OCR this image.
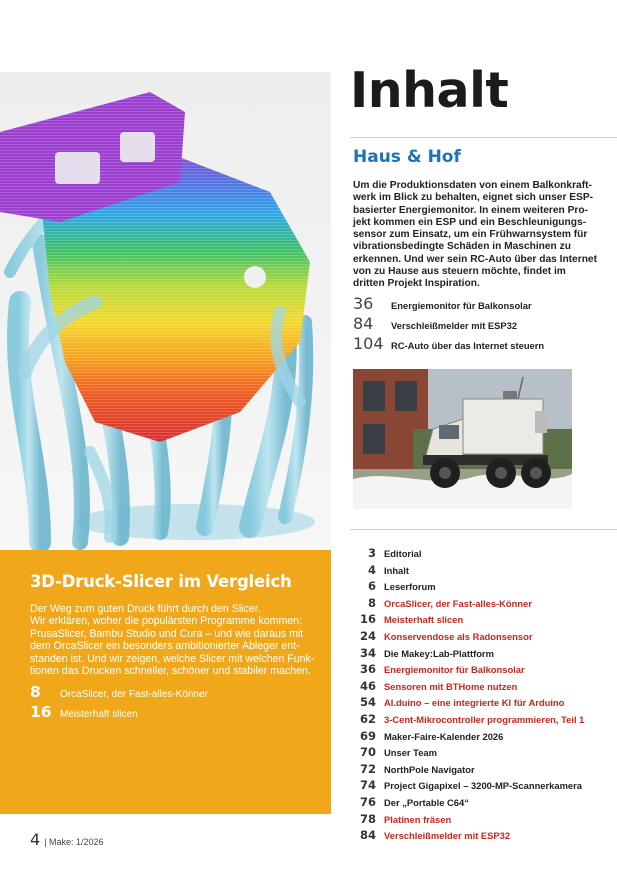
3D-Druck-Slicer im Vergleich

Der Weg zum guten Druck führt durch den Slicer.
Wir erklären, woher die populärsten Programme kommen:
PrusaSlicer, Bambu Studio und Cura – und wie daraus mit
dem OrcaSlicer ein besonders ambitionierter Ableger ent-
standen ist. Und wir zeigen, welche Slicer mit welchen Funk-
tionen das Drucken schneller, schöner und stabiler machen.

8	OrcaSlicer, der Fast-alles-Könner
16 Meisterhaft slicen
Inhalt
Haus & Hof

Um die Produktionsdaten von einem Balkonkraft-
werk im Blick zu behalten, eignet sich unser ESP-
basierter Energiemonitor. In einem weiteren Pro-
jekt kommen ein ESP und ein Beschleunigungs-
sensor zum Einsatz, um ein Frühwarnsystem für
vibrationsbedingte Schäden in Maschinen zu
erkennen. Und wer sein RC-Auto über das Internet
von zu Hause aus steuern möchte, findet im
dritten Projekt Inspiration.

36	Energiemonitor für Balkonsolar
84	Verschleißmelder mit ESP32
104 RC-Auto über das Internet steuern
3 Editorial
4 Inhalt
6 Leserforum
8 OrcaSlicer, der Fast-alles-Könner
16 Meisterhaft slicen
24 Konservendose als Radonsensor
34 Die Makey:Lab-Plattform
36 Energiemonitor für Balkonsolar
46 Sensoren mit BTHome nutzen
54 AI.duino – eine integrierte KI für Arduino
62 3-Cent-Mikrocontroller programmieren, Teil 1
69 Maker-Faire-Kalender 2026
70 Unser Team
72 NorthPole Navigator
74 Project Gigapixel – 3200-MP-Scannerkamera
76 Der „Portable C64“
78 Platinen fräsen
84 Verschleißmelder mit ESP32
4 | Make: 1/2026
